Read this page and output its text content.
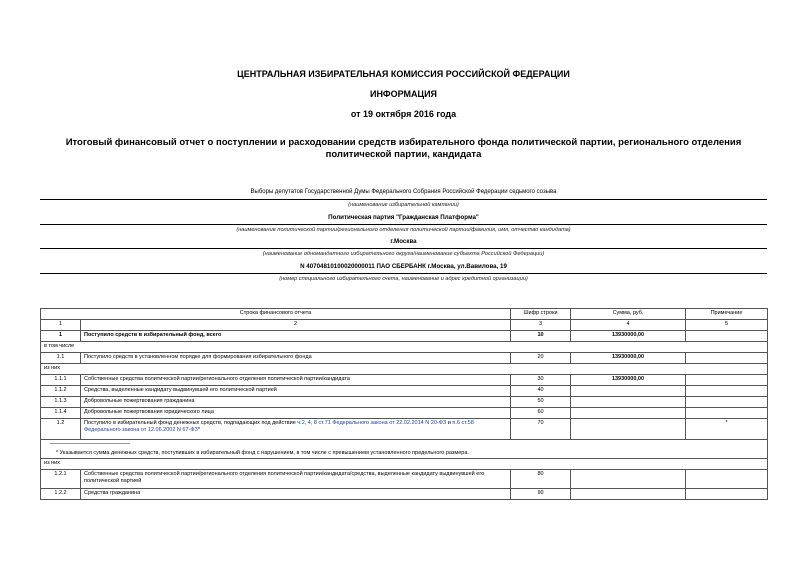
ЦЕНТРАЛЬНАЯ ИЗБИРАТЕЛЬНАЯ КОМИССИЯ РОССИЙСКОЙ ФЕДЕРАЦИИ
ИНФОРМАЦИЯ
от 19 октября 2016 года
Итоговый финансовый отчет о поступлении и расходовании средств избирательного фонда политической партии, регионального отделения политической партии, кандидата
Выборы депутатов Государственной Думы Федерального Собрания Российской Федерации седьмого созыва
(наименование избирательной кампании)
Политическая партия "Гражданская Платформа"
(наименование политической партии/регионального отделения политической партии/фамилия, имя, отчество кандидата)
г.Москва
(наименование одномандатного избирательного округа/наименование субъекта Российской Федерации)
N 40704810100020000011 ПАО СБЕРБАНК г.Москва, ул.Вавилова, 19
(номер специального избирательного счета, наименование и адрес кредитной организации)
Строка финансового отчета		Шифр строки	Сумма, руб.	Примечание
1	2	3	4	5
1	Поступило средств в избирательный фонд, всего	10	13930000,00	
в том числе				
1.1	Поступило средств в установленном порядке для формирования избирательного фонда	20	13930000,00	
из них				
1.1.1	Собственные средства политической партии/регионального отделения политической партии/кандидата	30	13930000,00	
1.1.2	Средства, выделенные кандидату выдвинувшей его политической партией	40		
1.1.3	Добровольные пожертвования гражданина	50		
1.1.4	Добровольные пожертвования юридического лица	60		
1.2	Поступило в избирательный фонд денежных средств, подпадающих под действие ч.2, 4, 8 ст.71 Федерального закона от 22.02.2014 N 20-ФЗ и п.6 ст.58 Федерального закона от 12.06.2002 N 67-ФЗ*	70		*

* Указывается сумма денежных средств, поступивших в избирательный фонд с нарушением, в том числе с превышением установленного предельного размера.				
из них				
1.2.1	Собственные средства политической партии/регионального отделения политической партии/кандидата/средства, выделенные кандидату выдвинувшей его политической партией	80		
1.2.2	Средства гражданина	90		
